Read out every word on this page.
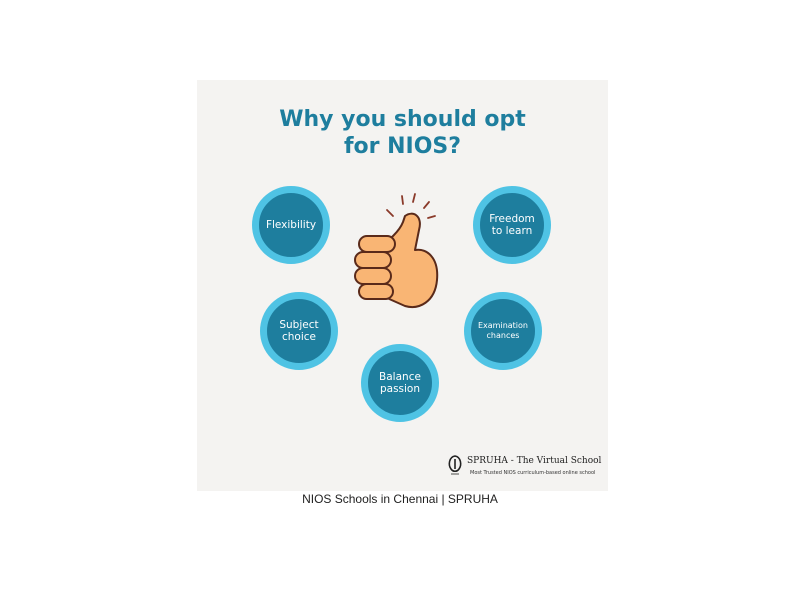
Why you should opt
for NIOS?
Flexibility	Freedom
to learn
Subject
choice
Examination
chances
Balance
passion
SPRUHA - The Virtual School
Most Trusted NIOS curriculum-based online school
NIOS Schools in Chennai | SPRUHA
